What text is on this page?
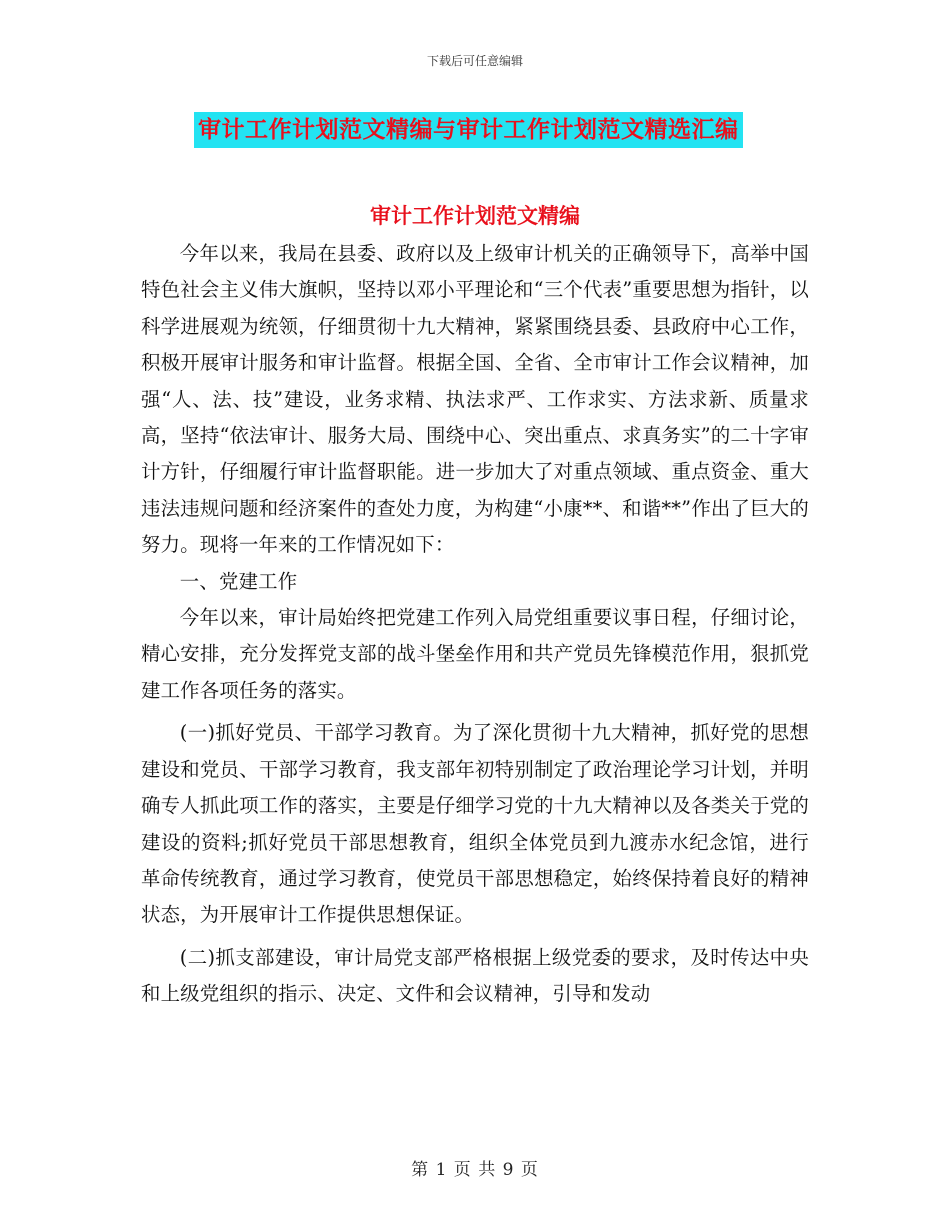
下载后可任意编辑
审计工作计划范文精编与审计工作计划范文精选汇编
审计工作计划范文精编

今年以来，我局在县委、政府以及上级审计机关的正确领导下，高举中国特色社会主义伟大旗帜，坚持以邓小平理论和“三个代表”重要思想为指针，以科学进展观为统领，仔细贯彻十九大精神，紧紧围绕县委、县政府中心工作，积极开展审计服务和审计监督。根据全国、全省、全市审计工作会议精神，加强“人、法、技”建设，业务求精、执法求严、工作求实、方法求新、质量求高，坚持“依法审计、服务大局、围绕中心、突出重点、求真务实”的二十字审计方针，仔细履行审计监督职能。进一步加大了对重点领域、重点资金、重大违法违规问题和经济案件的查处力度，为构建“小康**、和谐**”作出了巨大的努力。现将一年来的工作情况如下：

一、党建工作

今年以来，审计局始终把党建工作列入局党组重要议事日程，仔细讨论，精心安排，充分发挥党支部的战斗堡垒作用和共产党员先锋模范作用，狠抓党建工作各项任务的落实。

(一)抓好党员、干部学习教育。为了深化贯彻十九大精神，抓好党的思想建设和党员、干部学习教育，我支部年初特别制定了政治理论学习计划，并明确专人抓此项工作的落实，主要是仔细学习党的十九大精神以及各类关于党的建设的资料;抓好党员干部思想教育，组织全体党员到九渡赤水纪念馆，进行革命传统教育，通过学习教育，使党员干部思想稳定，始终保持着良好的精神状态，为开展审计工作提供思想保证。

(二)抓支部建设，审计局党支部严格根据上级党委的要求，及时传达中央和上级党组织的指示、决定、文件和会议精神，引导和发动

第 1 页 共 9 页
